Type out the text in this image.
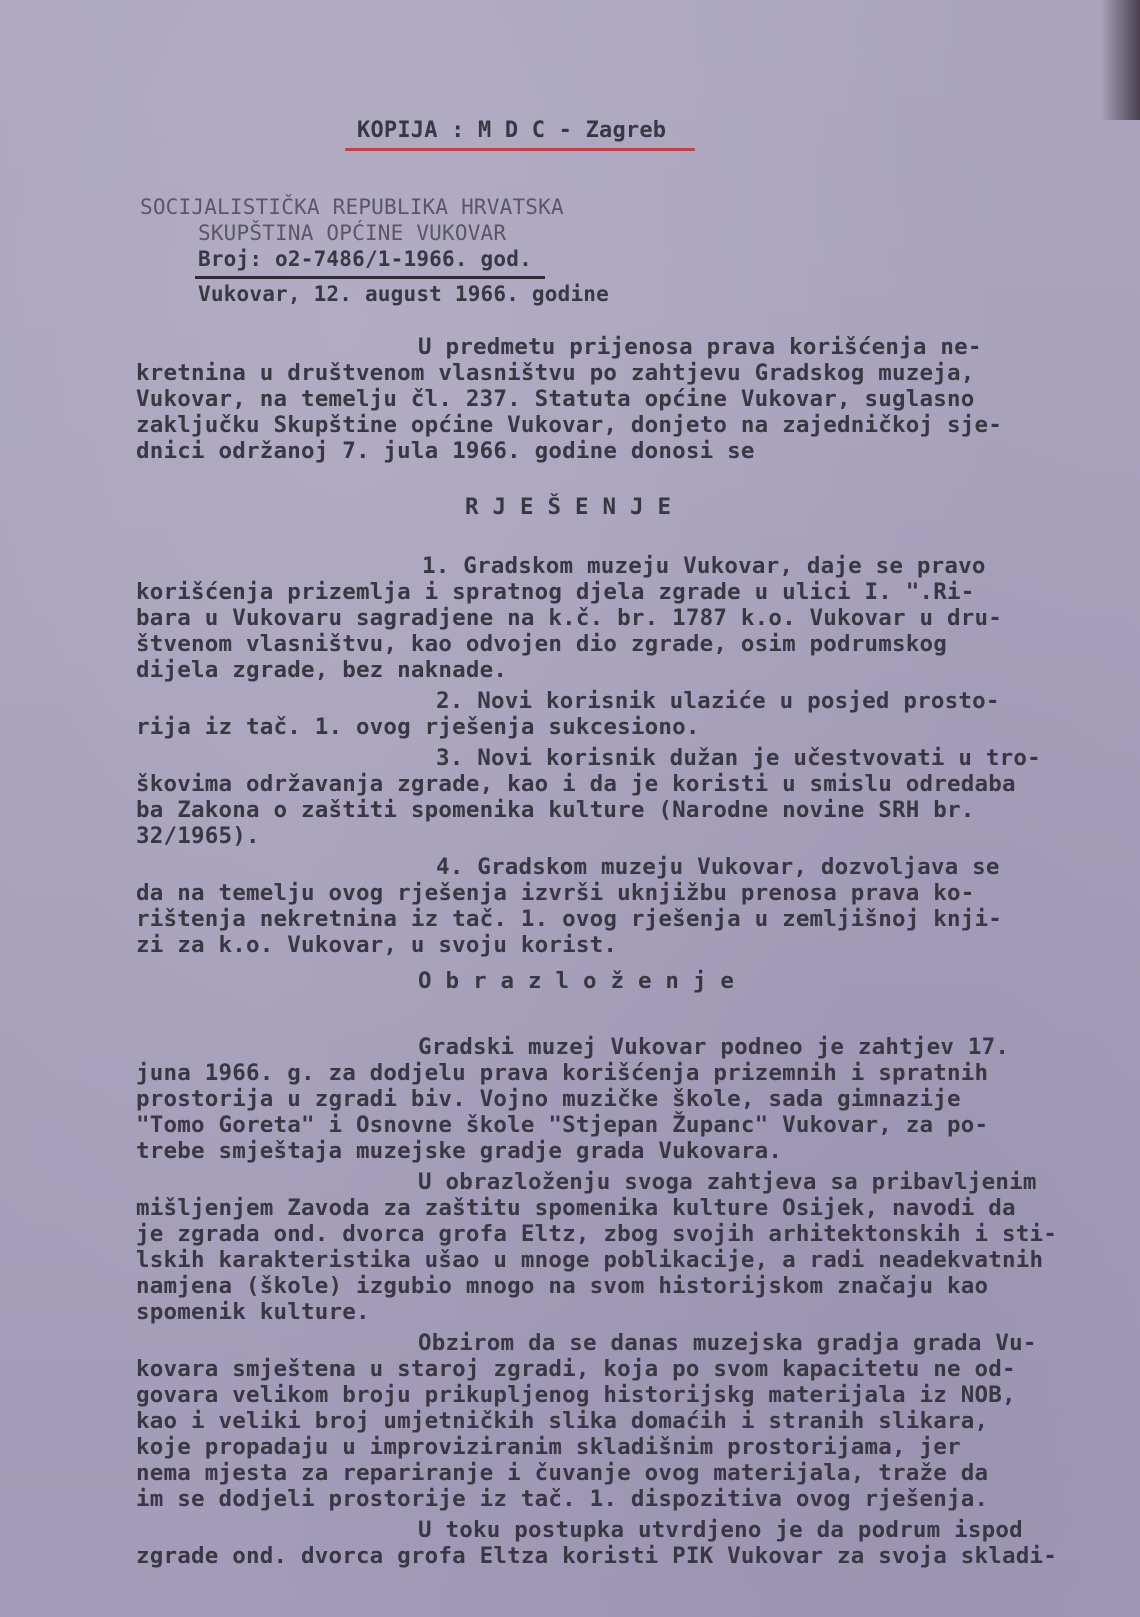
KOPIJA : M D C - Zagreb
SOCIJALISTIČKA REPUBLIKA HRVATSKA
SKUPŠTINA OPĆINE VUKOVAR
Broj: o2-7486/1-1966. god.
Vukovar, 12. august 1966. godine
U predmetu prijenosa prava korišćenja ne-
kretnina u društvenom vlasništvu po zahtjevu Gradskog muzeja,
Vukovar, na temelju čl. 237. Statuta općine Vukovar, suglasno
zaključku Skupštine općine Vukovar, donjeto na zajedničkoj sje-
dnici održanoj 7. jula 1966. godine donosi se
R J E Š E N J E
1. Gradskom muzeju Vukovar, daje se pravo
korišćenja prizemlja i spratnog djela zgrade u ulici I. ".Ri-
bara u Vukovaru sagradjene na k.č. br. 1787 k.o. Vukovar u dru-
štvenom vlasništvu, kao odvojen dio zgrade, osim podrumskog
dijela zgrade, bez naknade.
2. Novi korisnik ulaziće u posjed prosto-
rija iz tač. 1. ovog rješenja sukcesiono.
3. Novi korisnik dužan je učestvovati u tro-
škovima održavanja zgrade, kao i da je koristi u smislu odredaba
ba Zakona o zaštiti spomenika kulture (Narodne novine SRH br.
32/1965).
4. Gradskom muzeju Vukovar, dozvoljava se
da na temelju ovog rješenja izvrši uknjižbu prenosa prava ko-
rištenja nekretnina iz tač. 1. ovog rješenja u zemljišnoj knji-
zi za k.o. Vukovar, u svoju korist.
O b r a z l o ž e n j e
Gradski muzej Vukovar podneo je zahtjev 17.
juna 1966. g. za dodjelu prava korišćenja prizemnih i spratnih
prostorija u zgradi biv. Vojno muzičke škole, sada gimnazije
"Tomo Goreta" i Osnovne škole "Stjepan Županc" Vukovar, za po-
trebe smještaja muzejske gradje grada Vukovara.
U obrazloženju svoga zahtjeva sa pribavljenim
mišljenjem Zavoda za zaštitu spomenika kulture Osijek, navodi da
je zgrada ond. dvorca grofa Eltz, zbog svojih arhitektonskih i sti-
lskih karakteristika ušao u mnoge poblikacije, a radi neadekvatnih
namjena (škole) izgubio mnogo na svom historijskom značaju kao
spomenik kulture.
Obzirom da se danas muzejska gradja grada Vu-
kovara smještena u staroj zgradi, koja po svom kapacitetu ne od-
govara velikom broju prikupljenog historijskg materijala iz NOB,
kao i veliki broj umjetničkih slika domaćih i stranih slikara,
koje propadaju u improviziranim skladišnim prostorijama, jer
nema mjesta za repariranje i čuvanje ovog materijala, traže da
im se dodjeli prostorije iz tač. 1. dispozitiva ovog rješenja.
U toku postupka utvrdjeno je da podrum ispod
zgrade ond. dvorca grofa Eltza koristi PIK Vukovar za svoja skladi-
